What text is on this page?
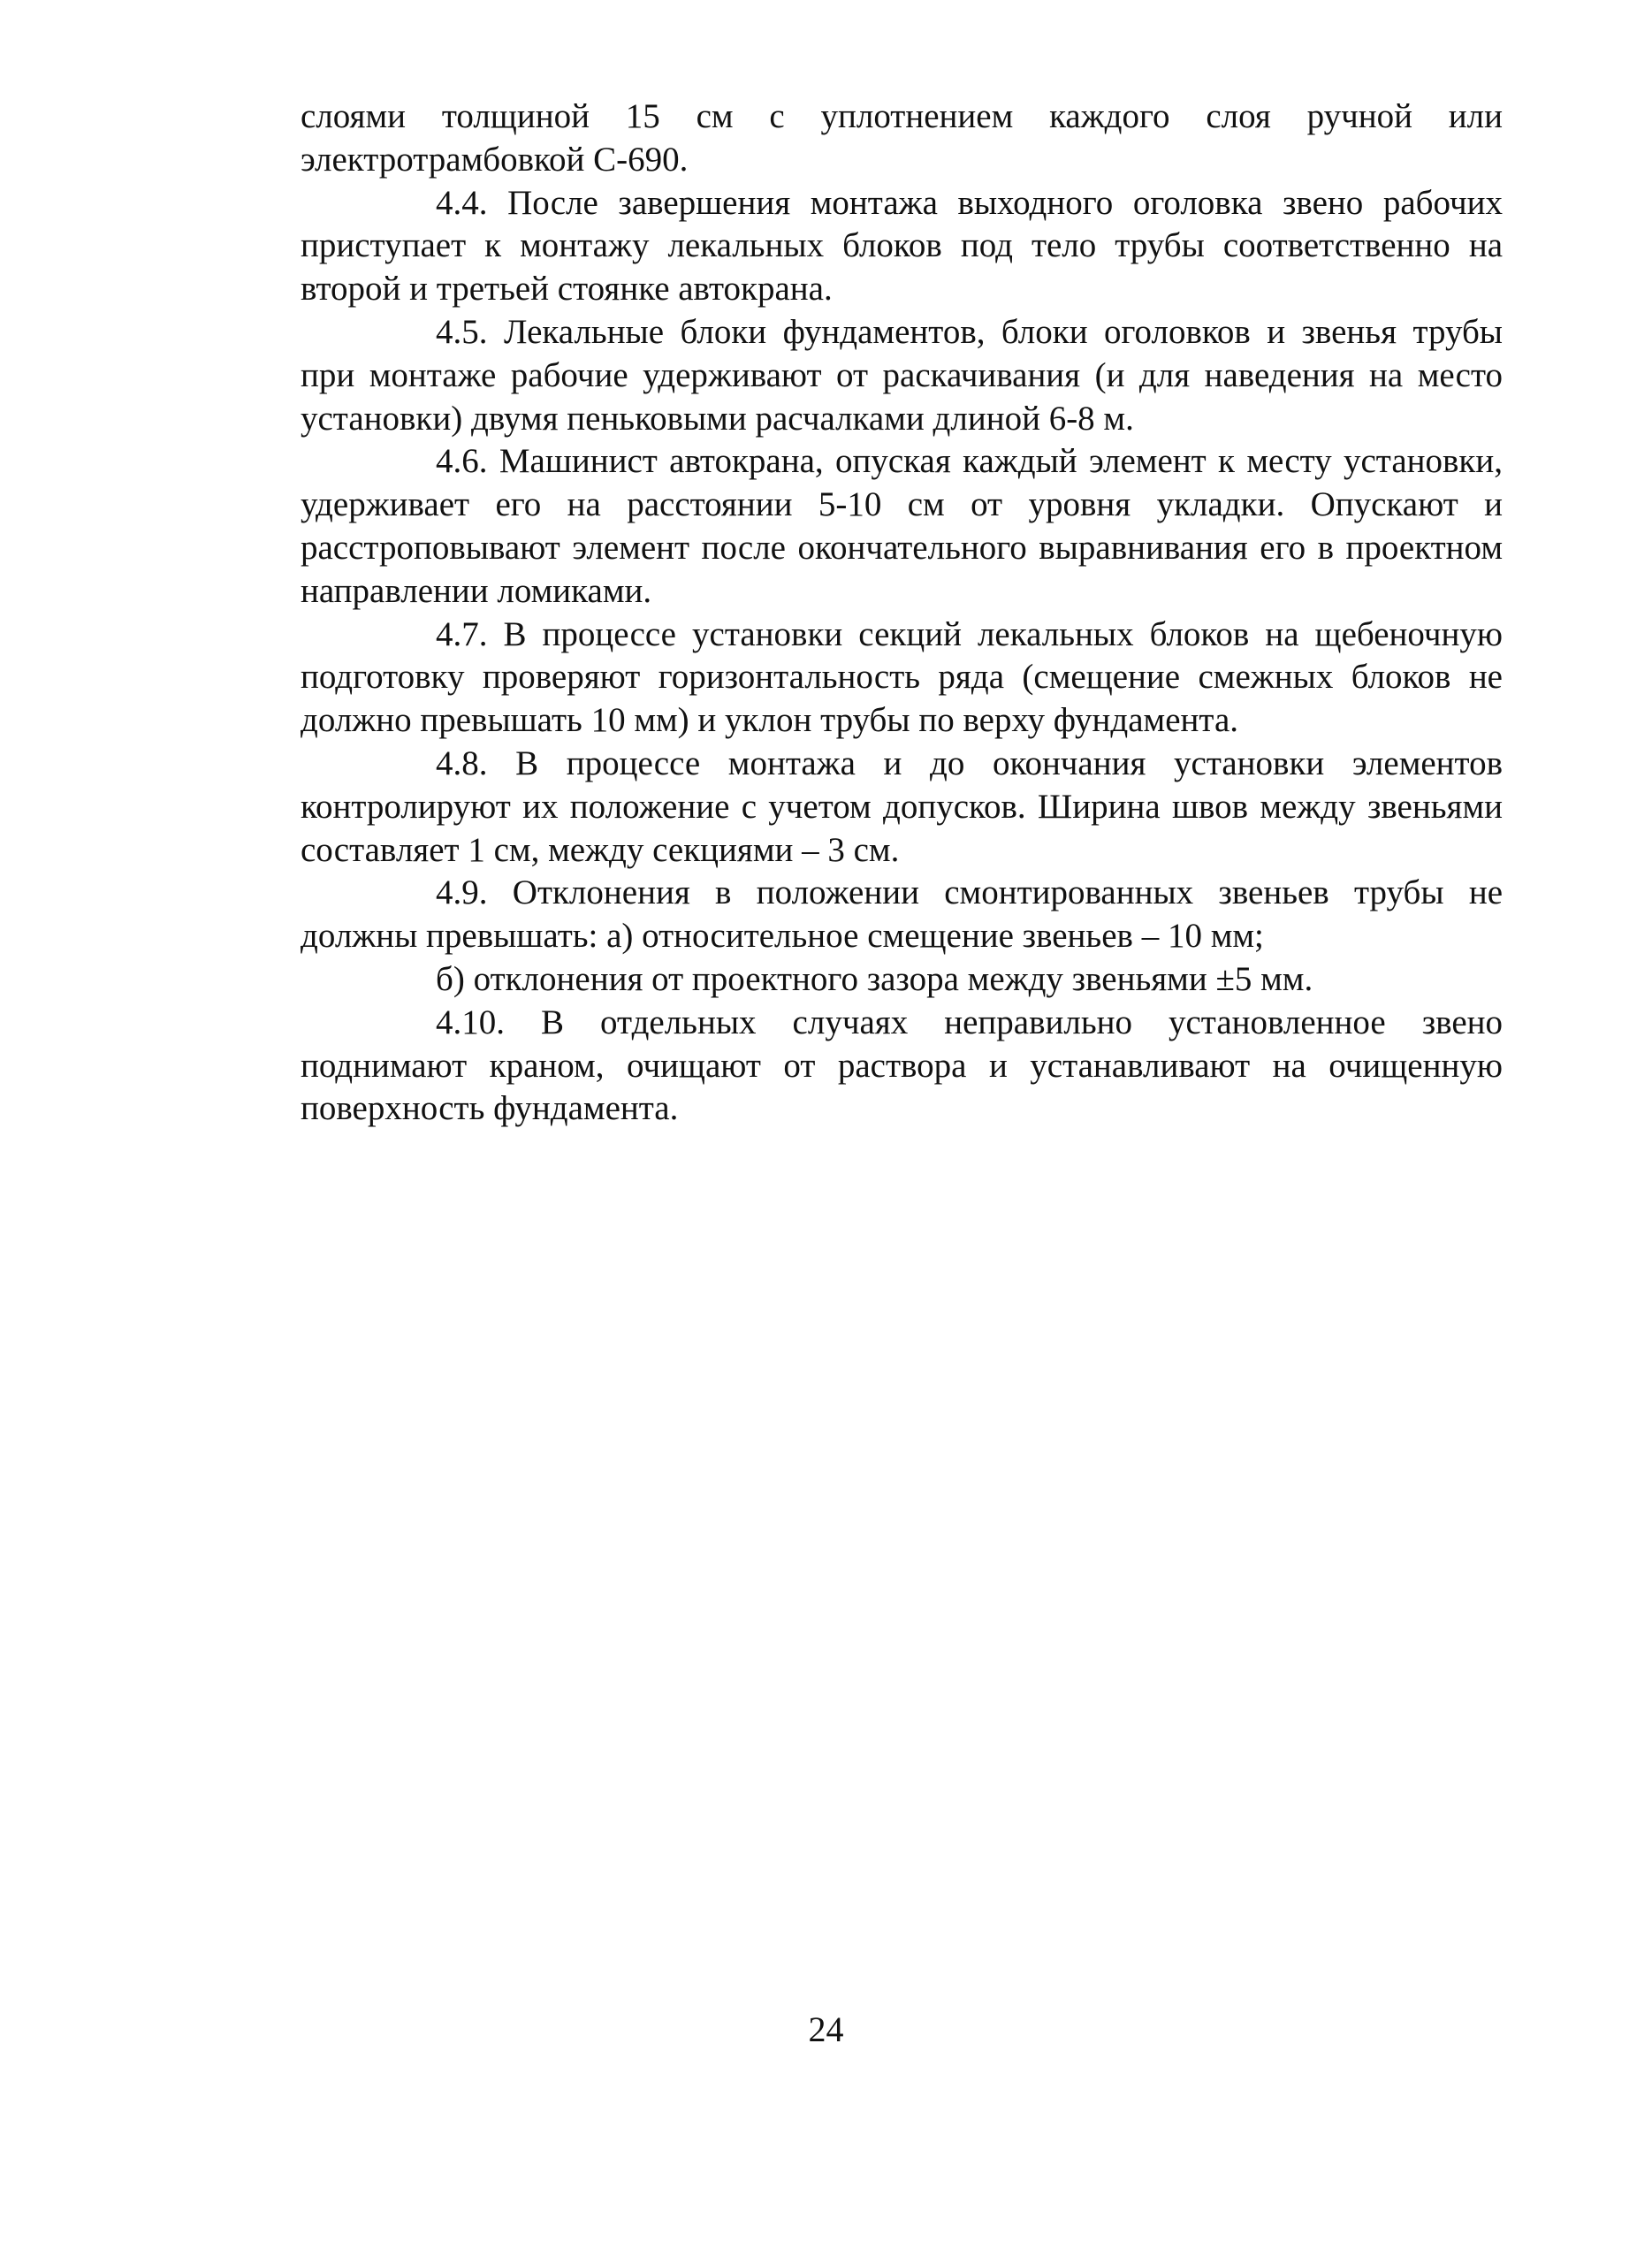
слоями толщиной 15 см с уплотнением каждого слоя ручной или электротрамбовкой С-690.

4.4. После завершения монтажа выходного оголовка звено рабочих приступает к монтажу лекальных блоков под тело трубы соответственно на второй и третьей стоянке автокрана.

4.5. Лекальные блоки фундаментов, блоки оголовков и звенья трубы при монтаже рабочие удерживают от раскачивания (и для наведения на место установки) двумя пеньковыми расчалками длиной 6-8 м.

4.6. Машинист автокрана, опуская каждый элемент к месту установки, удерживает его на расстоянии 5-10 см от уровня укладки. Опускают и расстроповывают элемент после окончательного выравнивания его в проектном направлении ломиками.

4.7. В процессе установки секций лекальных блоков на щебеночную подготовку проверяют горизонтальность ряда (смещение смежных блоков не должно превышать 10 мм) и уклон трубы по верху фундамента.

4.8. В процессе монтажа и до окончания установки элементов контролируют их положение с учетом допусков. Ширина швов между звеньями составляет 1 см, между секциями – 3 см.

4.9. Отклонения в положении смонтированных звеньев трубы не должны превышать: а) относительное смещение звеньев – 10 мм;

б) отклонения от проектного зазора между звеньями ±5 мм.

4.10. В отдельных случаях неправильно установленное звено поднимают краном, очищают от раствора и устанавливают на очищенную поверхность фундамента.

24
